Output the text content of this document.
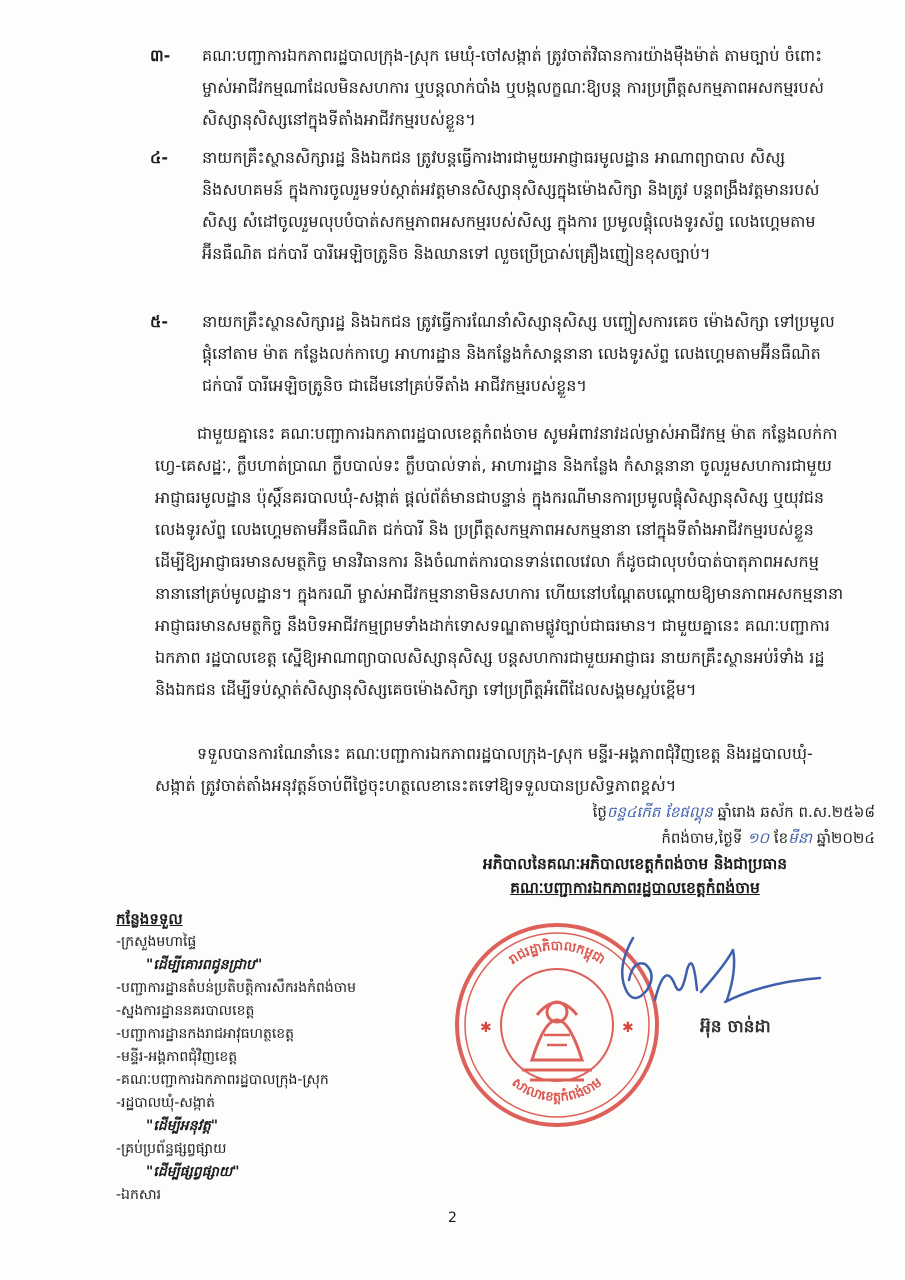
៣- គណៈបញ្ជាការឯកភាពរដ្ឋបាលក្រុង-ស្រុក មេឃុំ-ចៅសង្កាត់ ត្រូវចាត់វិធានការយ៉ាងម៉ឺងម៉ាត់ តាមច្បាប់ ចំពោះម្ចាស់អាជីវកម្មណាដែលមិនសហការ ឬបន្តលាក់បាំង ឬបង្កលក្ខណៈឱ្យបន្ត ការប្រព្រឹត្តសកម្មភាពអសកម្មរបស់សិស្សានុសិស្សនៅក្នុងទីតាំងអាជីវកម្មរបស់ខ្លួន។
៤- នាយកគ្រឹះស្ថានសិក្សារដ្ឋ និងឯកជន ត្រូវបន្តធ្វើការងារជាមួយអាជ្ញាធរមូលដ្ឋាន អាណាព្យាបាល សិស្ស និងសហគមន៍ ក្នុងការចូលរួមទប់ស្កាត់អវត្តមានសិស្សានុសិស្សក្នុងម៉ោងសិក្សា និងត្រូវ បន្តពង្រឹងវត្តមានរបស់សិស្ស សំដៅចូលរួមលុបបំបាត់សកម្មភាពអសកម្មរបស់សិស្ស ក្នុងការ ប្រមូលផ្តុំលេងទូរស័ព្ទ លេងហ្គេមតាមអ៊ីនធឺណិត ជក់បារី បារីអេឡិចត្រូនិច និងឈានទៅ លួចប្រើប្រាស់គ្រឿងញៀនខុសច្បាប់។
៥- នាយកគ្រឹះស្ថានសិក្សារដ្ឋ និងឯកជន ត្រូវធ្វើការណែនាំសិស្សានុសិស្ស បញ្ចៀសការគេច ម៉ោងសិក្សា ទៅប្រមូលផ្តុំនៅតាម ម៉ាត កន្លែងលក់កាហ្វេ អាហារដ្ឋាន និងកន្លែងកំសាន្តនានា លេងទូរស័ព្ទ លេងហ្គេមតាមអ៊ីនធឺណិត ជក់បារី បារីអេឡិចត្រូនិច ជាដើមនៅគ្រប់ទីតាំង អាជីវកម្មរបស់ខ្លួន។
ជាមួយគ្នានេះ គណៈបញ្ជាការឯកភាពរដ្ឋបាលខេត្តកំពង់ចាម សូមអំពាវនាវដល់ម្ចាស់អាជីវកម្ម ម៉ាត កន្លែងលក់កាហ្វេ-គេសដ្ឋៈ, ក្លឹបហាត់ប្រាណ ក្លឹបបាល់ទះ ក្លឹបបាល់ទាត់, អាហារដ្ឋាន និងកន្លែង កំសាន្តនានា ចូលរួមសហការជាមួយអាជ្ញាធរមូលដ្ឋាន ប៉ុស្តិ៍នគរបាលឃុំ-សង្កាត់ ផ្តល់ព័ត៌មានជាបន្ទាន់ ក្នុងករណីមានការប្រមូលផ្តុំសិស្សានុសិស្ស ឬយុវជន លេងទូរស័ព្ទ លេងហ្គេមតាមអ៊ីនធឺណិត ជក់បារី និង ប្រព្រឹត្តសកម្មភាពអសកម្មនានា នៅក្នុងទីតាំងអាជីវកម្មរបស់ខ្លួន ដើម្បីឱ្យអាជ្ញាធរមានសមត្ថកិច្ច មានវិធានការ និងចំណាត់ការបានទាន់ពេលវេលា ក៏ដូចជាលុបបំបាត់បាតុភាពអសកម្មនានានៅគ្រប់មូលដ្ឋាន។ ក្នុងករណី ម្ចាស់អាជីវកម្មនានាមិនសហការ ហើយនៅបណ្តែតបណ្តោយឱ្យមានភាពអសកម្មនានា អាជ្ញាធរមានសមត្ថកិច្ច នឹងបិទអាជីវកម្មព្រមទាំងដាក់ទោសទណ្ឌតាមផ្លូវច្បាប់ជាធរមាន។ ជាមួយគ្នានេះ គណៈបញ្ជាការឯកភាព រដ្ឋបាលខេត្ត ស្នើឱ្យអាណាព្យាបាលសិស្សានុសិស្ស បន្តសហការជាមួយអាជ្ញាធរ នាយកគ្រឹះស្ថានអប់រំទាំង រដ្ឋ និងឯកជន ដើម្បីទប់ស្កាត់សិស្សានុសិស្សគេចម៉ោងសិក្សា ទៅប្រព្រឹត្តអំពើដែលសង្គមស្អប់ខ្ពើម។
ទទួលបានការណែនាំនេះ គណៈបញ្ជាការឯកភាពរដ្ឋបាលក្រុង-ស្រុក មន្ទីរ-អង្គភាពជុំវិញខេត្ត និងរដ្ឋបាលឃុំ-សង្កាត់ ត្រូវចាត់តាំងអនុវត្តន៍ចាប់ពីថ្ងៃចុះហត្ថលេខានេះតទៅឱ្យទទួលបានប្រសិទ្ធភាពខ្ពស់។
ថ្ងៃចន្ទ៤កើត ខែផល្គុន ឆ្នាំរោង ឆស័ក ព.ស.២៥៦៨
កំពង់ចាម,ថ្ងៃទី ១០ ខែមីនា ឆ្នាំ២០២៤
អភិបាលនៃគណៈអភិបាលខេត្តកំពង់ចាម និងជាប្រធាន
គណៈបញ្ជាការឯកភាពរដ្ឋបាលខេត្តកំពង់ចាម
រាជរដ្ឋាភិបាលកម្ពុជា
សាលាខេត្តកំពង់ចាម
✱	✱	អ៊ុន ចាន់ដា
កន្លែងទទួល
-ក្រសួងមហាផ្ទៃ
"ដើម្បីគោរពជូនជ្រាប"
-បញ្ជាការដ្ឋានតំបន់ប្រតិបត្តិការសឹករងកំពង់ចាម
-ស្នងការដ្ឋាននគរបាលខេត្ត
-បញ្ជាការដ្ឋានកងរាជអាវុធហត្ថខេត្ត
-មន្ទីរ-អង្គភាពជុំវិញខេត្ត
-គណៈបញ្ជាការឯកភាពរដ្ឋបាលក្រុង-ស្រុក
-រដ្ឋបាលឃុំ-សង្កាត់
"ដើម្បីអនុវត្ត"
-គ្រប់ប្រព័ន្ធផ្សព្វផ្សាយ
"ដើម្បីផ្សព្វផ្សាយ"
-ឯកសារ
2
